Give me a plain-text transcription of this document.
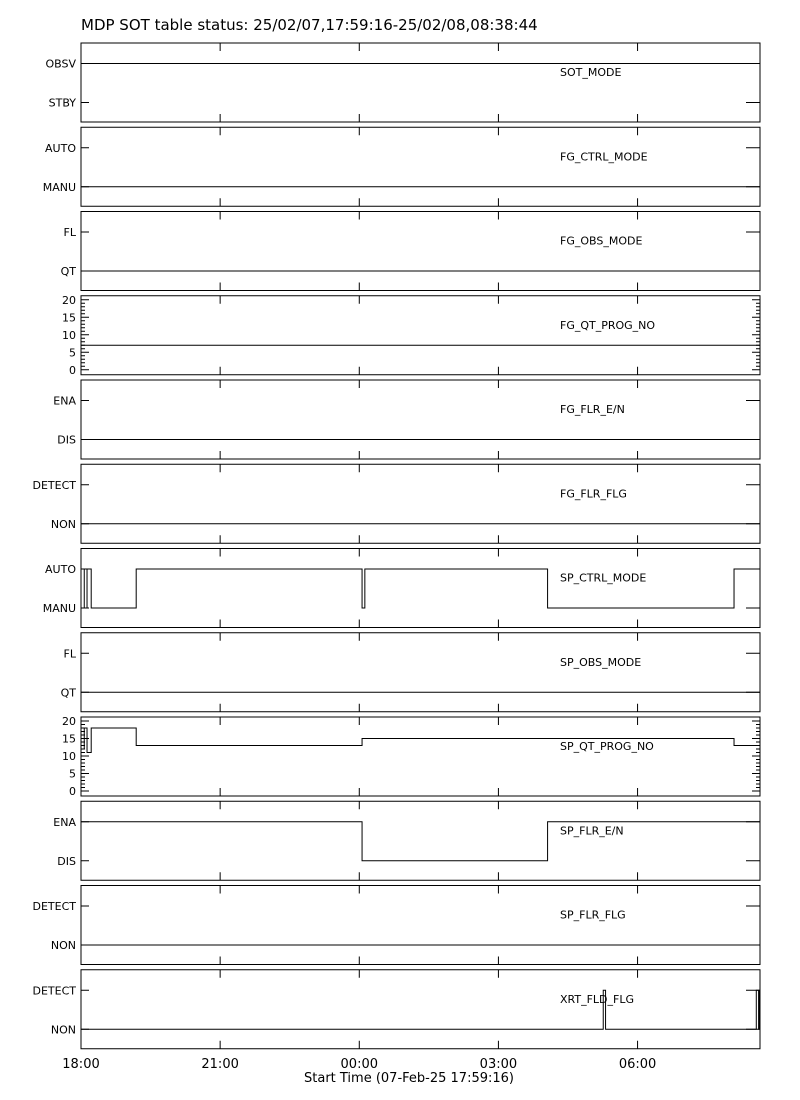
MDP SOT table status: 25/02/07,17:59:16-25/02/08,08:38:44
OBSV
STBY
SOT_MODE
AUTO
MANU
FG_CTRL_MODE
FL
QT
FG_OBS_MODE
0
5
10
15
20
FG_QT_PROG_NO
ENA
DIS
FG_FLR_E/N
DETECT
NON
FG_FLR_FLG
AUTO
MANU
SP_CTRL_MODE
FL
QT
SP_OBS_MODE
0
5
10
15
20
SP_QT_PROG_NO
ENA
DIS
SP_FLR_E/N
DETECT
NON
SP_FLR_FLG
DETECT
NON
XRT_FLD_FLG
18:00	21:00	00:00	03:00	06:00
Start Time (07-Feb-25 17:59:16)
